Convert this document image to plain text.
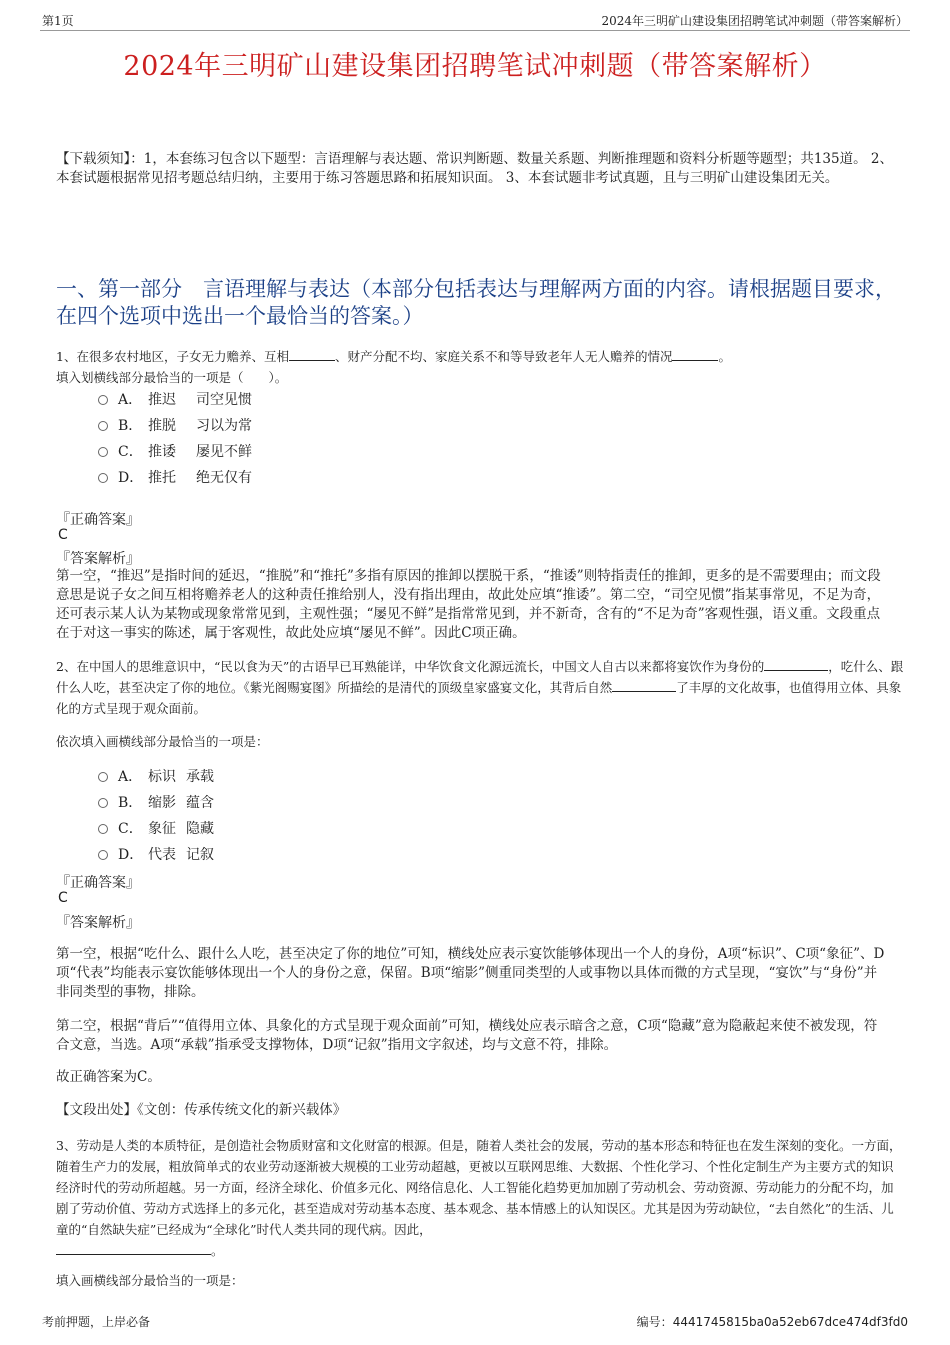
第1页	2024年三明矿山建设集团招聘笔试冲刺题（带答案解析）
2024年三明矿山建设集团招聘笔试冲刺题（带答案解析）
【下载须知】：1，本套练习包含以下题型：言语理解与表达题、常识判断题、数量关系题、判断推理题和资料分析题等题型；共135道。 2、本套试题根据常见招考题总结归纳，主要用于练习答题思路和拓展知识面。 3、本套试题非考试真题，且与三明矿山建设集团无关。
一、第一部分　言语理解与表达（本部分包括表达与理解两方面的内容。请根据题目要求，在四个选项中选出一个最恰当的答案。）
1、在很多农村地区，子女无力赡养、互相	、财产分配不均、家庭关系不和等导致老年人无人赡养的情况	。
填入划横线部分最恰当的一项是（　　）。
A． 推迟 司空见惯
B． 推脱 习以为常
C． 推诿 屡见不鲜
D． 推托 绝无仅有
『正确答案』
C
『答案解析』
第一空，“推迟”是指时间的延迟，“推脱”和“推托”多指有原因的推卸以摆脱干系，“推诿”则特指责任的推卸，更多的是不需要理由；而文段意思是说子女之间互相将赡养老人的这种责任推给别人，没有指出理由，故此处应填“推诿”。第二空，“司空见惯”指某事常见，不足为奇，还可表示某人认为某物或现象常常见到，主观性强；“屡见不鲜”是指常常见到，并不新奇，含有的“不足为奇”客观性强，语义重。文段重点在于对这一事实的陈述，属于客观性，故此处应填“屡见不鲜”。因此C项正确。
2、在中国人的思维意识中，“民以食为天”的古语早已耳熟能详，中华饮食文化源远流长，中国文人自古以来都将宴饮作为身份的	，吃什么、跟什么人吃，甚至决定了你的地位。《紫光阁赐宴图》所描绘的是清代的顶级皇家盛宴文化，其背后自然	了丰厚的文化故事，也值得用立体、具象化的方式呈现于观众面前。
依次填入画横线部分最恰当的一项是：
A． 标识 承载
B． 缩影 蕴含
C． 象征 隐藏
D． 代表 记叙
『正确答案』
C
『答案解析』
第一空，根据“吃什么、跟什么人吃，甚至决定了你的地位”可知，横线处应表示宴饮能够体现出一个人的身份，A项“标识”、C项“象征”、D项“代表”均能表示宴饮能够体现出一个人的身份之意，保留。B项“缩影”侧重同类型的人或事物以具体而微的方式呈现，“宴饮”与“身份”并非同类型的事物，排除。
第二空，根据“背后”“值得用立体、具象化的方式呈现于观众面前”可知，横线处应表示暗含之意，C项“隐藏”意为隐蔽起来使不被发现，符合文意，当选。A项“承载”指承受支撑物体，D项“记叙”指用文字叙述，均与文意不符，排除。
故正确答案为C。
【文段出处】《文创：传承传统文化的新兴载体》
3、劳动是人类的本质特征，是创造社会物质财富和文化财富的根源。但是，随着人类社会的发展，劳动的基本形态和特征也在发生深刻的变化。一方面，随着生产力的发展，粗放简单式的农业劳动逐渐被大规模的工业劳动超越，更被以互联网思维、大数据、个性化学习、个性化定制生产为主要方式的知识经济时代的劳动所超越。另一方面，经济全球化、价值多元化、网络信息化、人工智能化趋势更加加剧了劳动机会、劳动资源、劳动能力的分配不均，加剧了劳动价值、劳动方式选择上的多元化，甚至造成对劳动基本态度、基本观念、基本情感上的认知误区。尤其是因为劳动缺位，“去自然化”的生活、儿童的“自然缺失症”已经成为“全球化”时代人类共同的现代病。因此，
。
填入画横线部分最恰当的一项是：
考前押题，上岸必备	编号：4441745815ba0a52eb67dce474df3fd0
